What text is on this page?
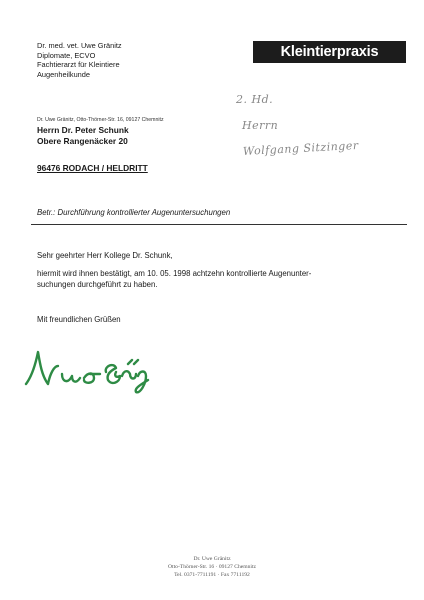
Dr. med. vet. Uwe Gränitz
Diplomate, ECVO
Fachtierarzt für Kleintiere
Augenheilkunde
Kleintierpraxis
Dr. Uwe Gränitz, Otto-Thörner-Str. 16, 09127 Chemnitz
Herrn Dr. Peter Schunk
Obere Rangenäcker 20
96476 RODACH / HELDRITT
2. Hd.
Herrn
Wolfgang Sitzinger
Betr.: Durchführung kontrollierter Augenuntersuchungen
Sehr geehrter Herr Kollege Dr. Schunk,
hiermit wird ihnen bestätigt, am 10. 05. 1998 achtzehn kontrollierte Augenunter-
suchungen durchgeführt zu haben.
Mit freundlichen Grüßen
Dr. Uwe Gränitz
Otto-Thörner-Str. 16 · 09127 Chemnitz
Tel. 0371-7711191 · Fax 7711192
